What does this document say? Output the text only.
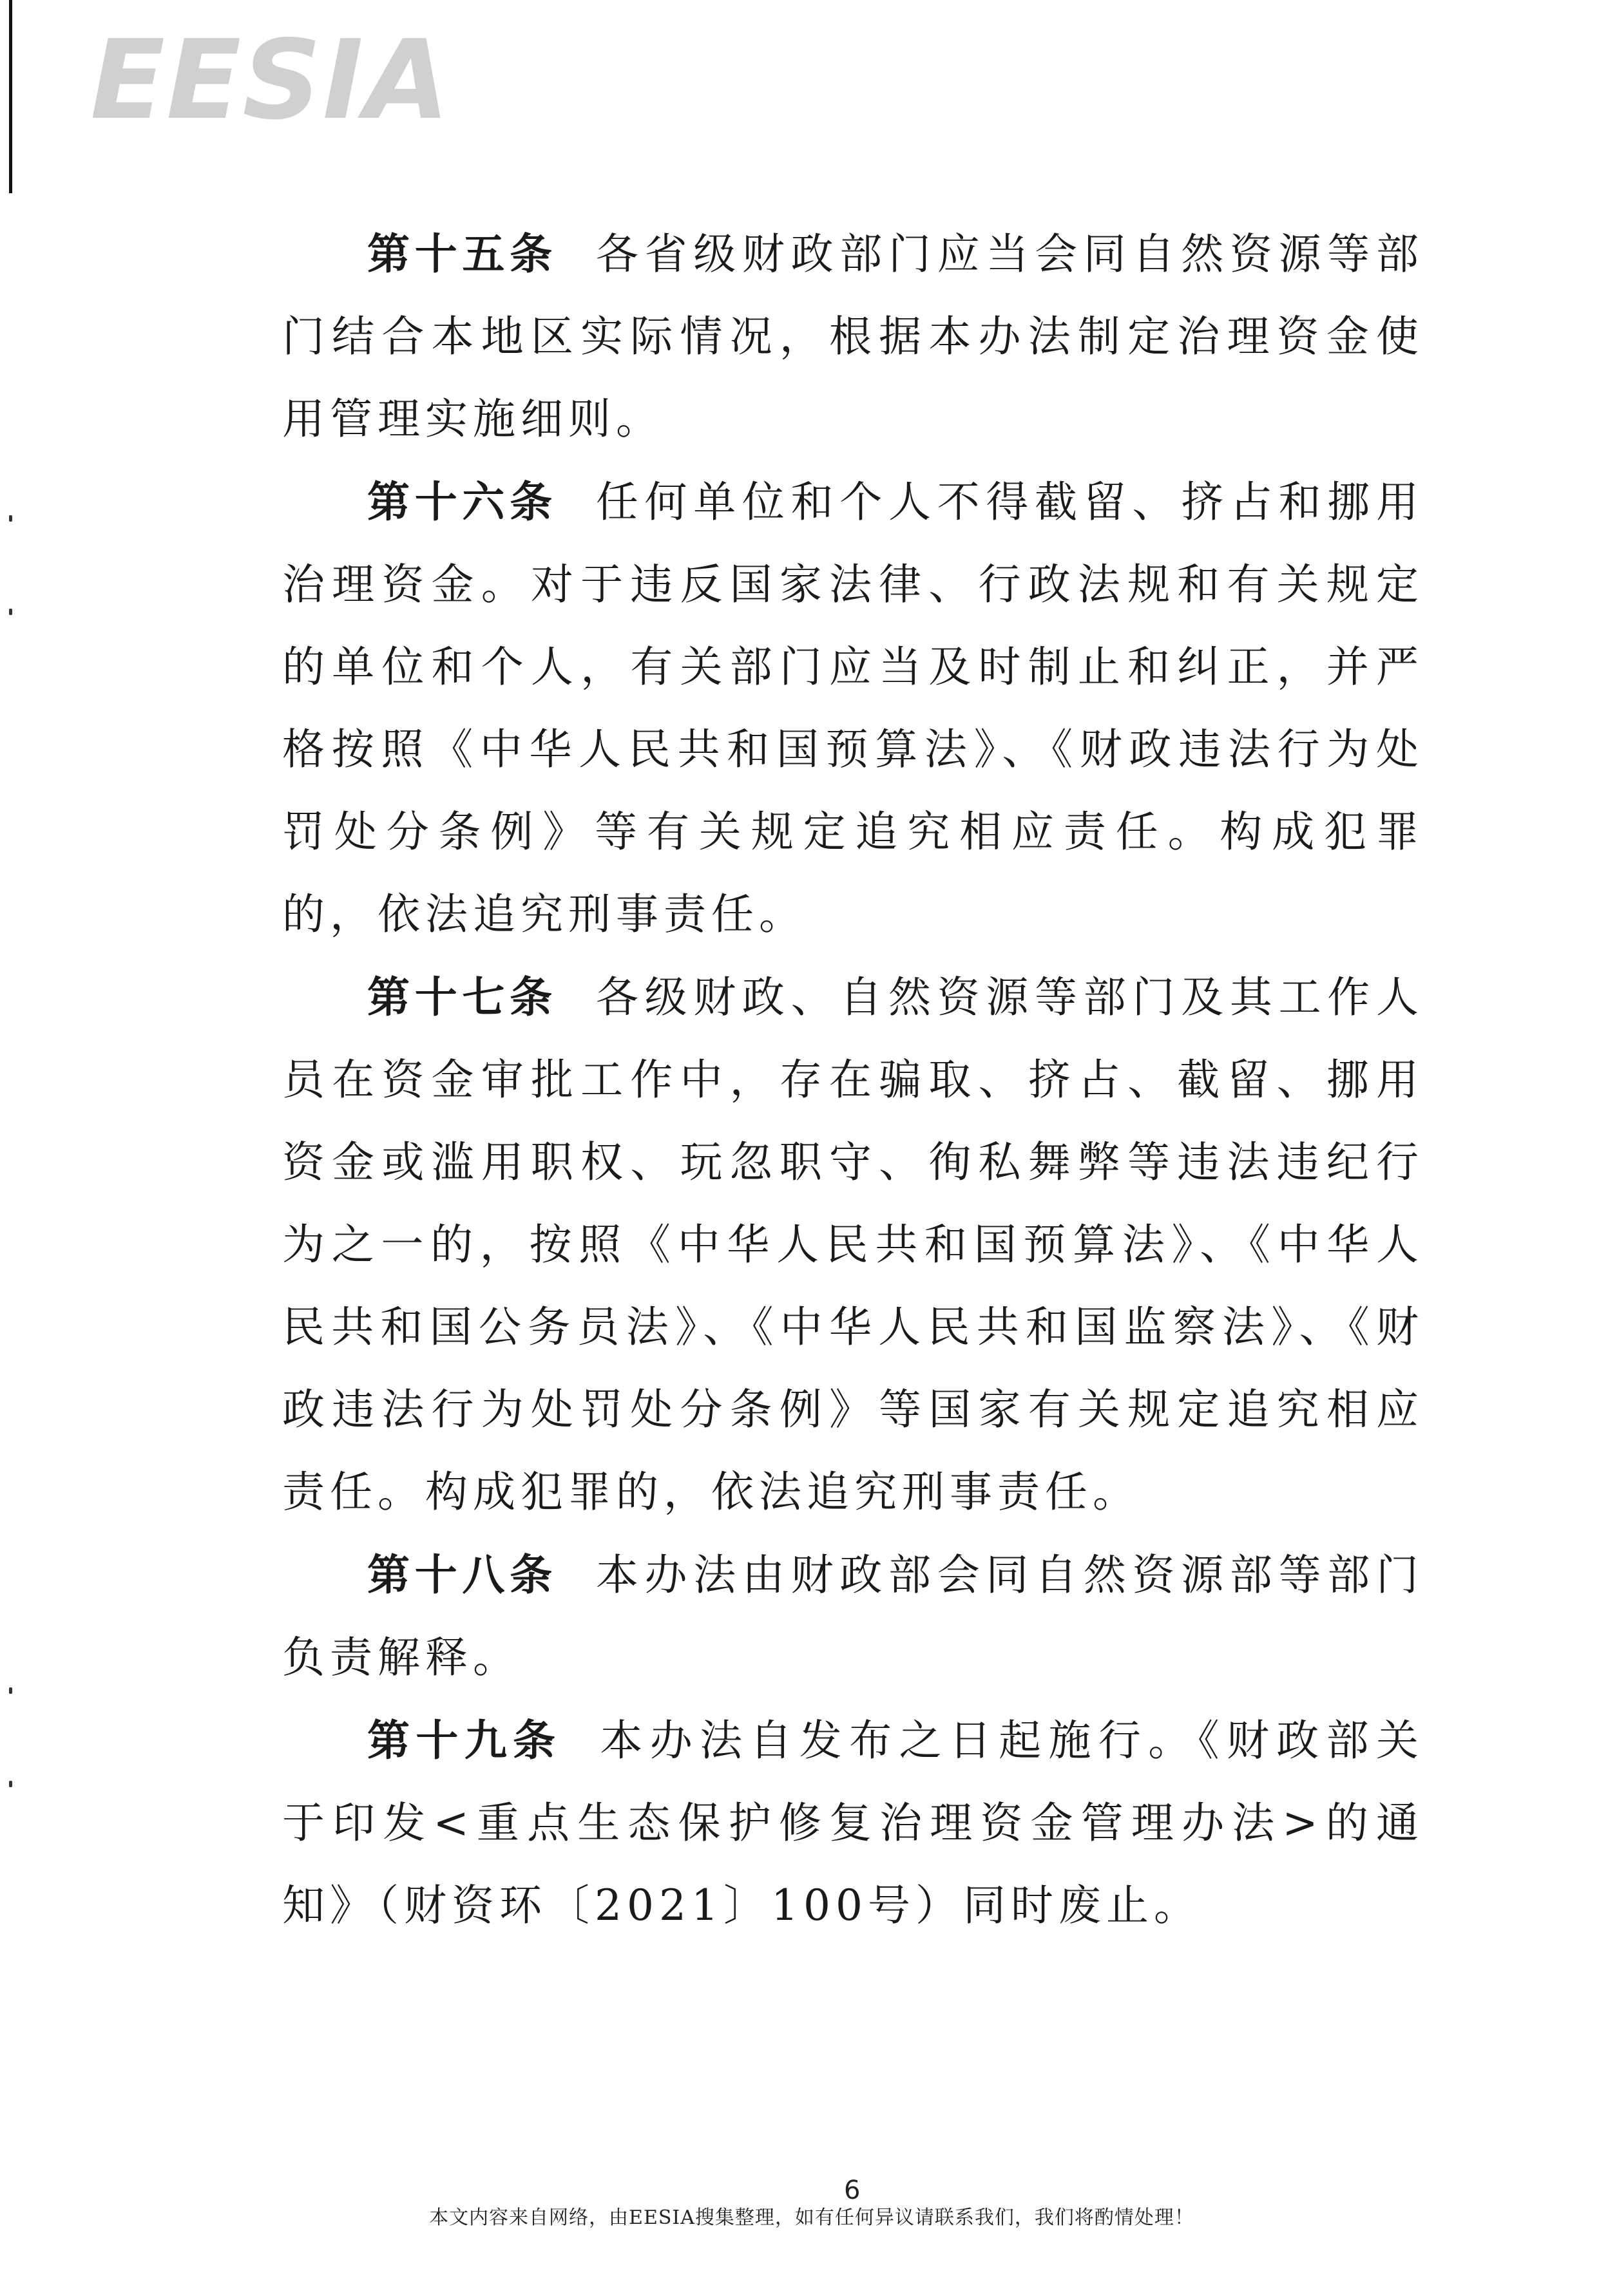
EESIA

第十五条 各省级财政部门应当会同自然资源等部门结合本地区实际情况，根据本办法制定治理资金使用管理实施细则。

第十六条 任何单位和个人不得截留、挤占和挪用治理资金。对于违反国家法律、行政法规和有关规定的单位和个人，有关部门应当及时制止和纠正，并严格按照《中华人民共和国预算法》、《财政违法行为处罚处分条例》等有关规定追究相应责任。构成犯罪的，依法追究刑事责任。

第十七条 各级财政、自然资源等部门及其工作人员在资金审批工作中，存在骗取、挤占、截留、挪用资金或滥用职权、玩忽职守、徇私舞弊等违法违纪行为之一的，按照《中华人民共和国预算法》、《中华人民共和国公务员法》、《中华人民共和国监察法》、《财政违法行为处罚处分条例》等国家有关规定追究相应责任。构成犯罪的，依法追究刑事责任。

第十八条 本办法由财政部会同自然资源部等部门负责解释。

第十九条 本办法自发布之日起施行。《财政部关于印发<重点生态保护修复治理资金管理办法>的通知》（财资环〔2021〕100号）同时废止。

6
本文内容来自网络，由EESIA搜集整理，如有任何异议请联系我们，我们将酌情处理！
